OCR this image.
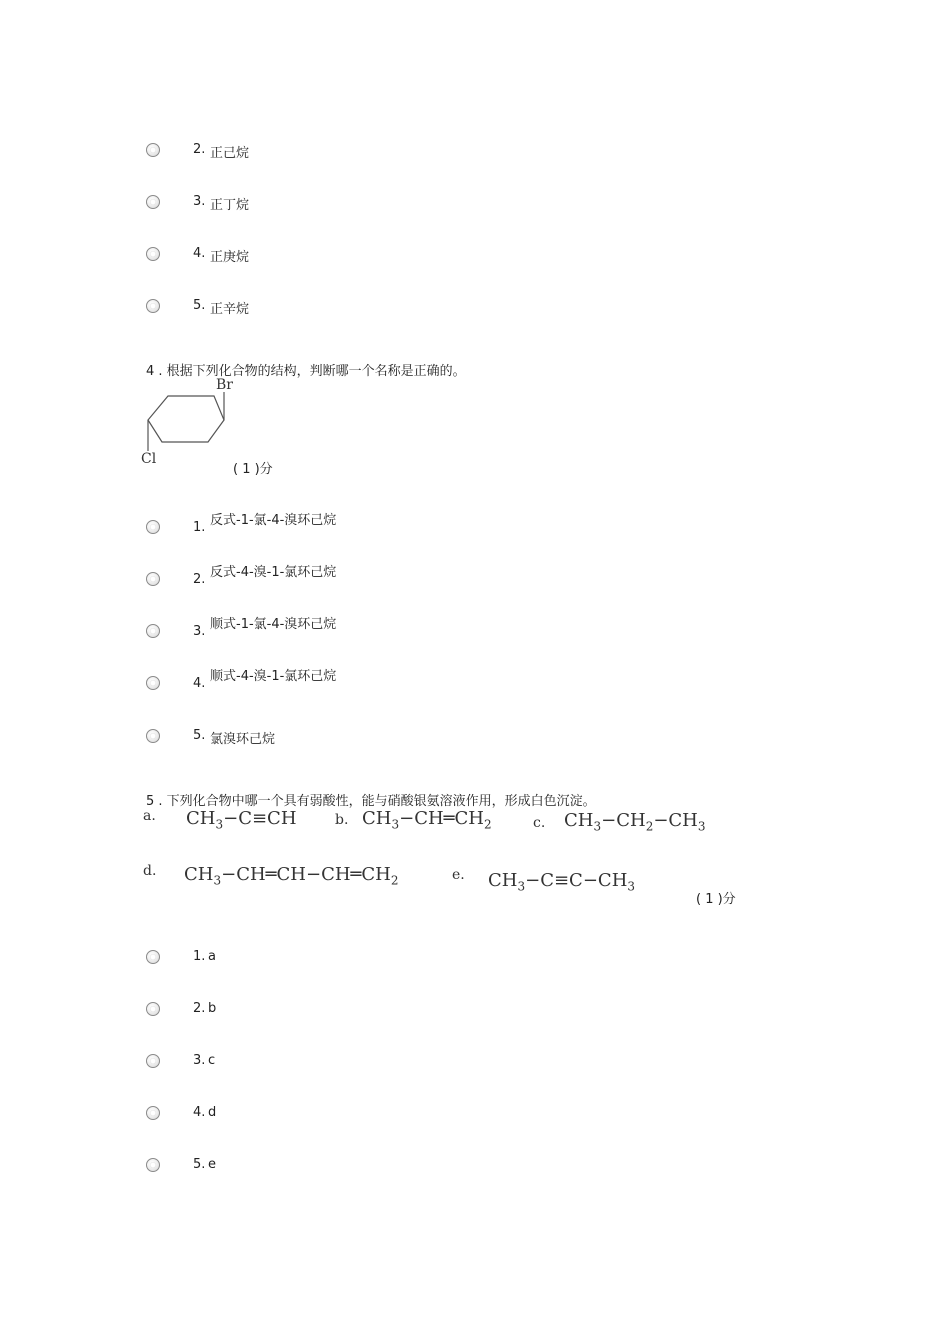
2. 正己烷
3. 正丁烷
4. 正庚烷
5. 正辛烷
4 . 根据下列化合物的结构，判断哪一个名称是正确的。
Br
Cl
( 1 )分
1. 反式-1-氯-4-溴环己烷
2. 反式-4-溴-1-氯环己烷
3. 顺式-1-氯-4-溴环己烷
4. 顺式-4-溴-1-氯环己烷
5. 氯溴环己烷
5 . 下列化合物中哪一个具有弱酸性，能与硝酸银氨溶液作用，形成白色沉淀。
a. $CH_3-C\equiv CH$	b. $CH_3-CH═CH_2$	c. $CH_3-CH_2-CH_3$
d. $CH_3-CH═CH-CH═CH_2$	e. $CH_3-C\equiv C-CH_3$
( 1 )分
1. a
2. b
3. c
4. d
5. e
